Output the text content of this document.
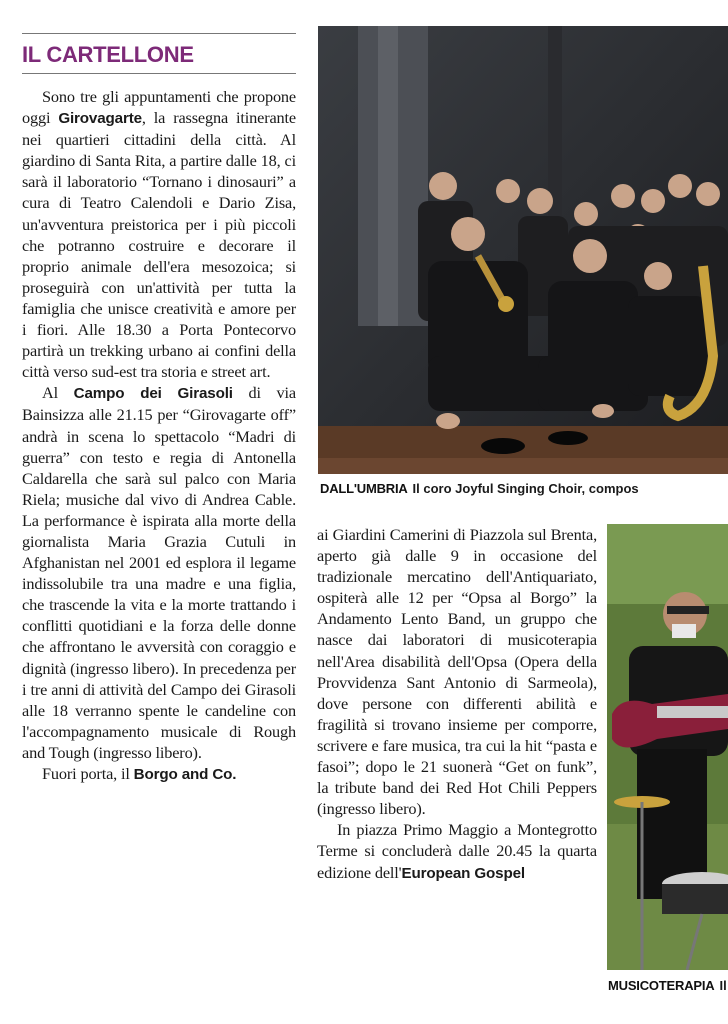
IL CARTELLONE

Sono tre gli appuntamenti che propone oggi Girovagarte, la rassegna itinerante nei quartieri cittadini della città. Al giardino di Santa Rita, a partire dalle 18, ci sarà il laboratorio “Tornano i dinosauri” a cura di Teatro Calendoli e Dario Zisa, un'avventura preistorica per i più piccoli che potranno costruire e decorare il proprio animale dell'era mesozoica; si proseguirà con un'attività per tutta la famiglia che unisce creatività e amore per i fiori. Alle 18.30 a Porta Pontecorvo partirà un trekking urbano ai confini della città verso sud-est tra storia e street art.

Al Campo dei Girasoli di via Bainsizza alle 21.15 per “Girovagarte off” andrà in scena lo spettacolo “Madri di guerra” con testo e regia di Antonella Caldarella che sarà sul palco con Maria Riela; musiche dal vivo di Andrea Cable. La performance è ispirata alla morte della giornalista Maria Grazia Cutuli in Afghanistan nel 2001 ed esplora il legame indissolubile tra una madre e una figlia, che trascende la vita e la morte trattando i conflitti quotidiani e la forza delle donne che affrontano le avversità con coraggio e dignità (ingresso libero). In precedenza per i tre anni di attività del Campo dei Girasoli alle 18 verranno spente le candeline con l'accompagnamento musicale di Rough and Tough (ingresso libero).

Fuori porta, il Borgo and Co.

ai Giardini Camerini di Piazzola sul Brenta, aperto già dalle 9 in occasione del tradizionale mercatino dell'Antiquariato, ospiterà alle 12 per “Opsa al Borgo” la Andamento Lento Band, un gruppo che nasce dai laboratori di musicoterapia nell'Area disabilità dell'Opsa (Opera della Provvidenza Sant Antonio di Sarmeola), dove persone con differenti abilità e fragilità si trovano insieme per comporre, scrivere e fare musica, tra cui la hit “pasta e fasoi”; dopo le 21 suonerà “Get on funk”, la tribute band dei Red Hot Chili Peppers (ingresso libero).

In piazza Primo Maggio a Montegrotto Terme si concluderà dalle 20.45 la quarta edizione dell'European Gospel

DALL'UMBRIA Il coro Joyful Singing Choir, compos
MUSICOTERAPIA Il
